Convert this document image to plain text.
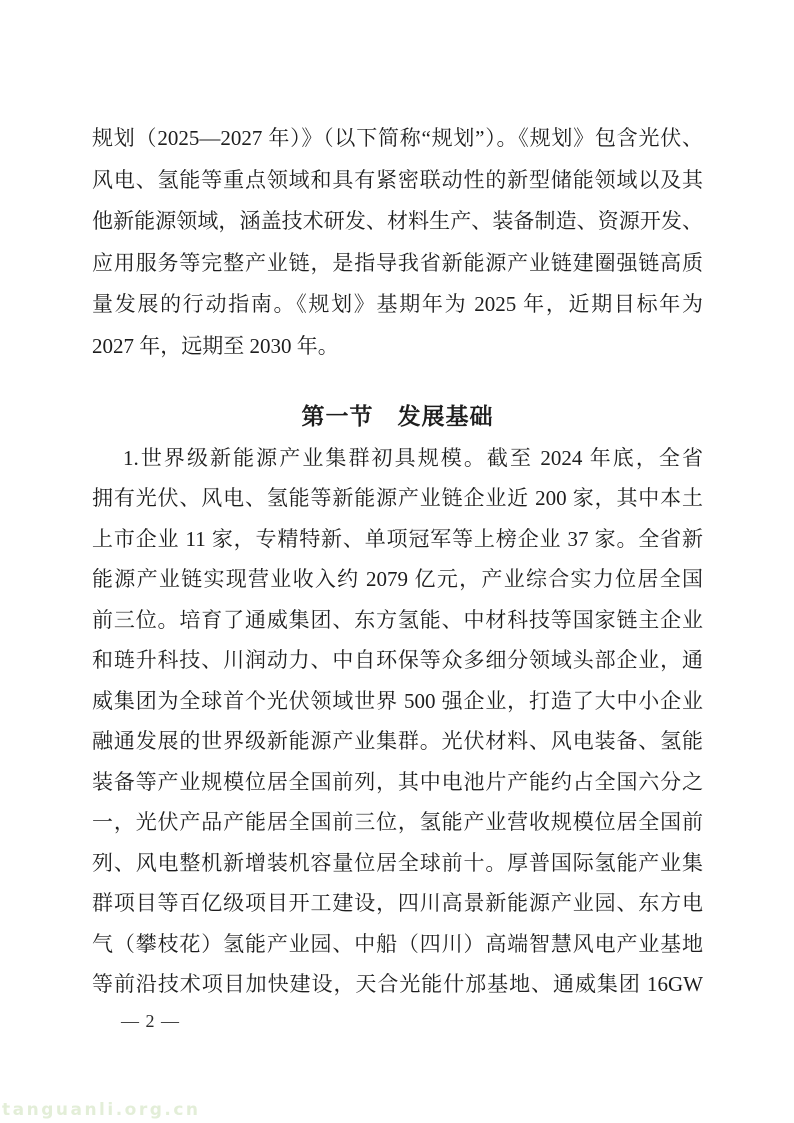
规划（2025—2027 年）》（以下简称“规划”）。《规划》包含光伏、
风电、氢能等重点领域和具有紧密联动性的新型储能领域以及其
他新能源领域，涵盖技术研发、材料生产、装备制造、资源开发、
应用服务等完整产业链，是指导我省新能源产业链建圈强链高质
量发展的行动指南。《规划》基期年为 2025 年，近期目标年为
2027 年，远期至 2030 年。
第一节　发展基础
1.世界级新能源产业集群初具规模。截至 2024 年底，全省
拥有光伏、风电、氢能等新能源产业链企业近 200 家，其中本土
上市企业 11 家，专精特新、单项冠军等上榜企业 37 家。全省新
能源产业链实现营业收入约 2079 亿元，产业综合实力位居全国
前三位。培育了通威集团、东方氢能、中材科技等国家链主企业
和琏升科技、川润动力、中自环保等众多细分领域头部企业，通
威集团为全球首个光伏领域世界 500 强企业，打造了大中小企业
融通发展的世界级新能源产业集群。光伏材料、风电装备、氢能
装备等产业规模位居全国前列，其中电池片产能约占全国六分之
一，光伏产品产能居全国前三位，氢能产业营收规模位居全国前
列、风电整机新增装机容量位居全球前十。厚普国际氢能产业集
群项目等百亿级项目开工建设，四川高景新能源产业园、东方电
气（攀枝花）氢能产业园、中船（四川）高端智慧风电产业基地
等前沿技术项目加快建设，天合光能什邡基地、通威集团 16GW
— 2 —
tanguanli.org.cn
